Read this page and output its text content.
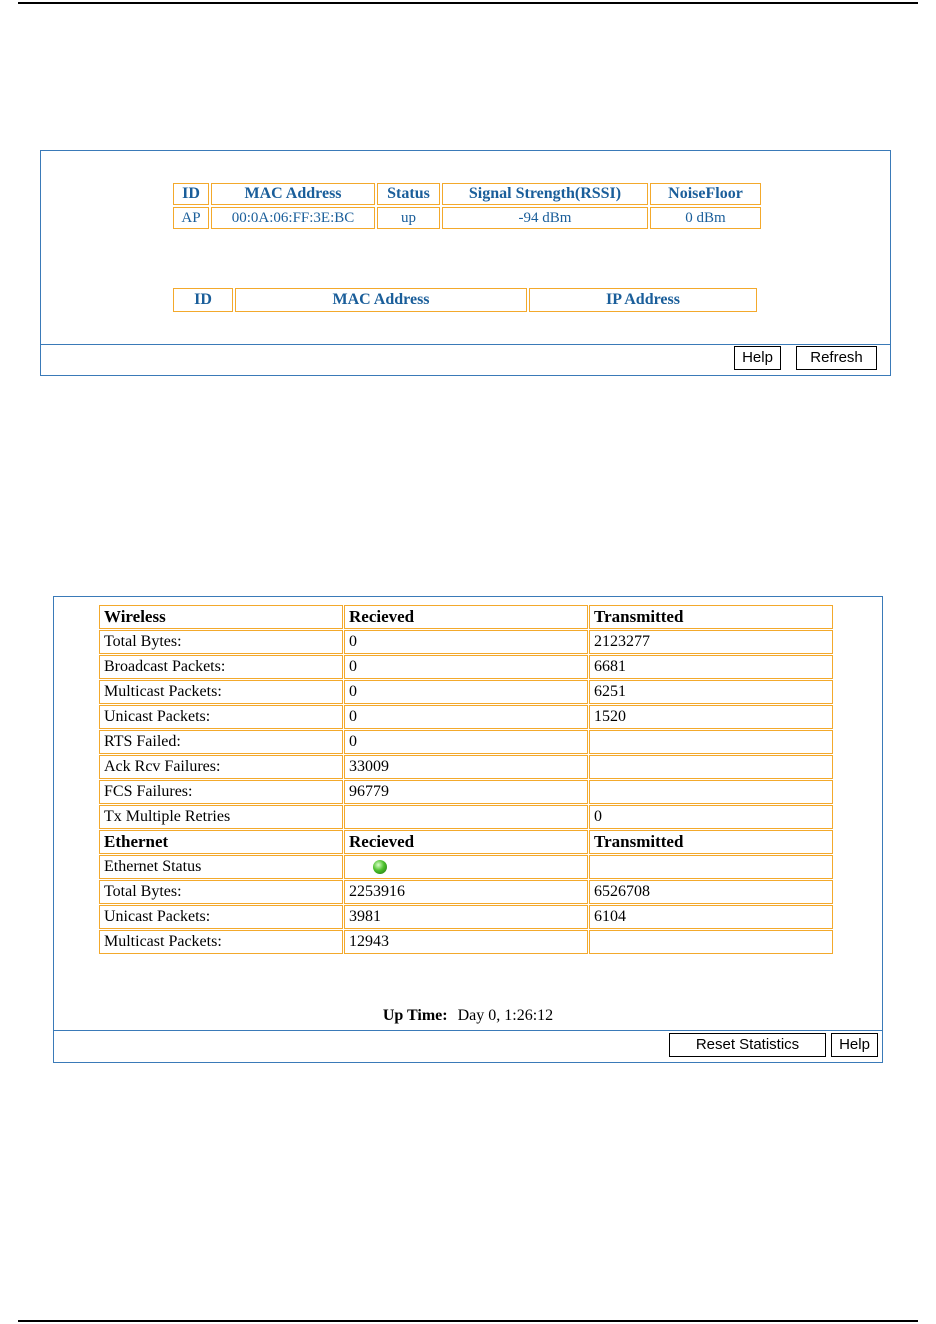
ID	MAC Address	Status	Signal Strength(RSSI)	NoiseFloor
AP	00:0A:06:FF:3E:BC	up	-94 dBm	0 dBm
ID	MAC Address	IP Address
Help	Refresh
Wireless	Recieved	Transmitted
Total Bytes:	0	2123277
Broadcast Packets:	0	6681
Multicast Packets:	0	6251
Unicast Packets:	0	1520
RTS Failed:	0	
Ack Rcv Failures:	33009	
FCS Failures:	96779	
Tx Multiple Retries		0
Ethernet	Recieved	Transmitted
Ethernet Status		
Total Bytes:	2253916	6526708
Unicast Packets:	3981	6104
Multicast Packets:	12943	
Up Time: Day 0, 1:26:12
Reset Statistics	Help
